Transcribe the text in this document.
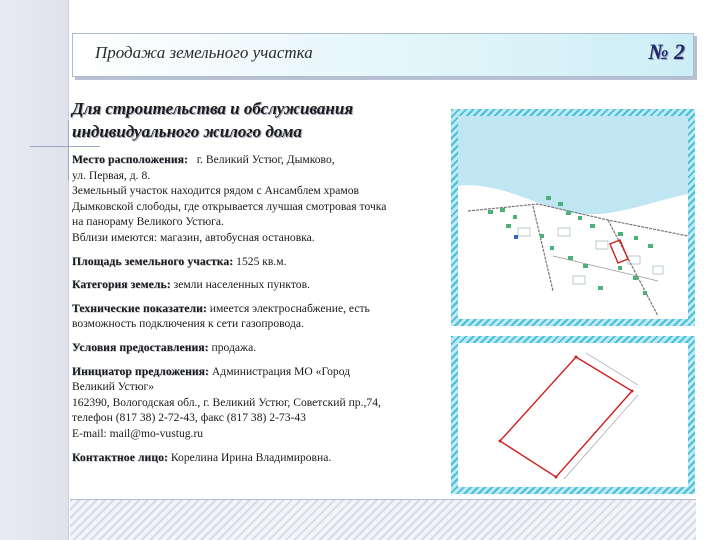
Продажа земельного участка	№ 2
Для строительства и обслуживания
индивидуального жилого дома

Место расположения: г. Великий Устюг, Дымково,
ул. Первая, д. 8.
Земельный участок находится рядом с Ансамблем храмов
Дымковской слободы, где открывается лучшая смотровая точка
на панораму Великого Устюга.
Вблизи имеются: магазин, автобусная остановка.

Площадь земельного участка: 1525 кв.м.

Категория земель: земли населенных пунктов.

Технические показатели: имеется электроснабжение, есть
возможность подключения к сети газопровода.

Условия предоставления: продажа.

Инициатор предложения: Администрация МО «Город
Великий Устюг»
162390, Вологодская обл., г. Великий Устюг, Советский пр.,74,
телефон (817 38) 2-72-43, факс (817 38) 2-73-43
E-mail: mail@mo-vustug.ru

Контактное лицо: Корелина Ирина Владимировна.
